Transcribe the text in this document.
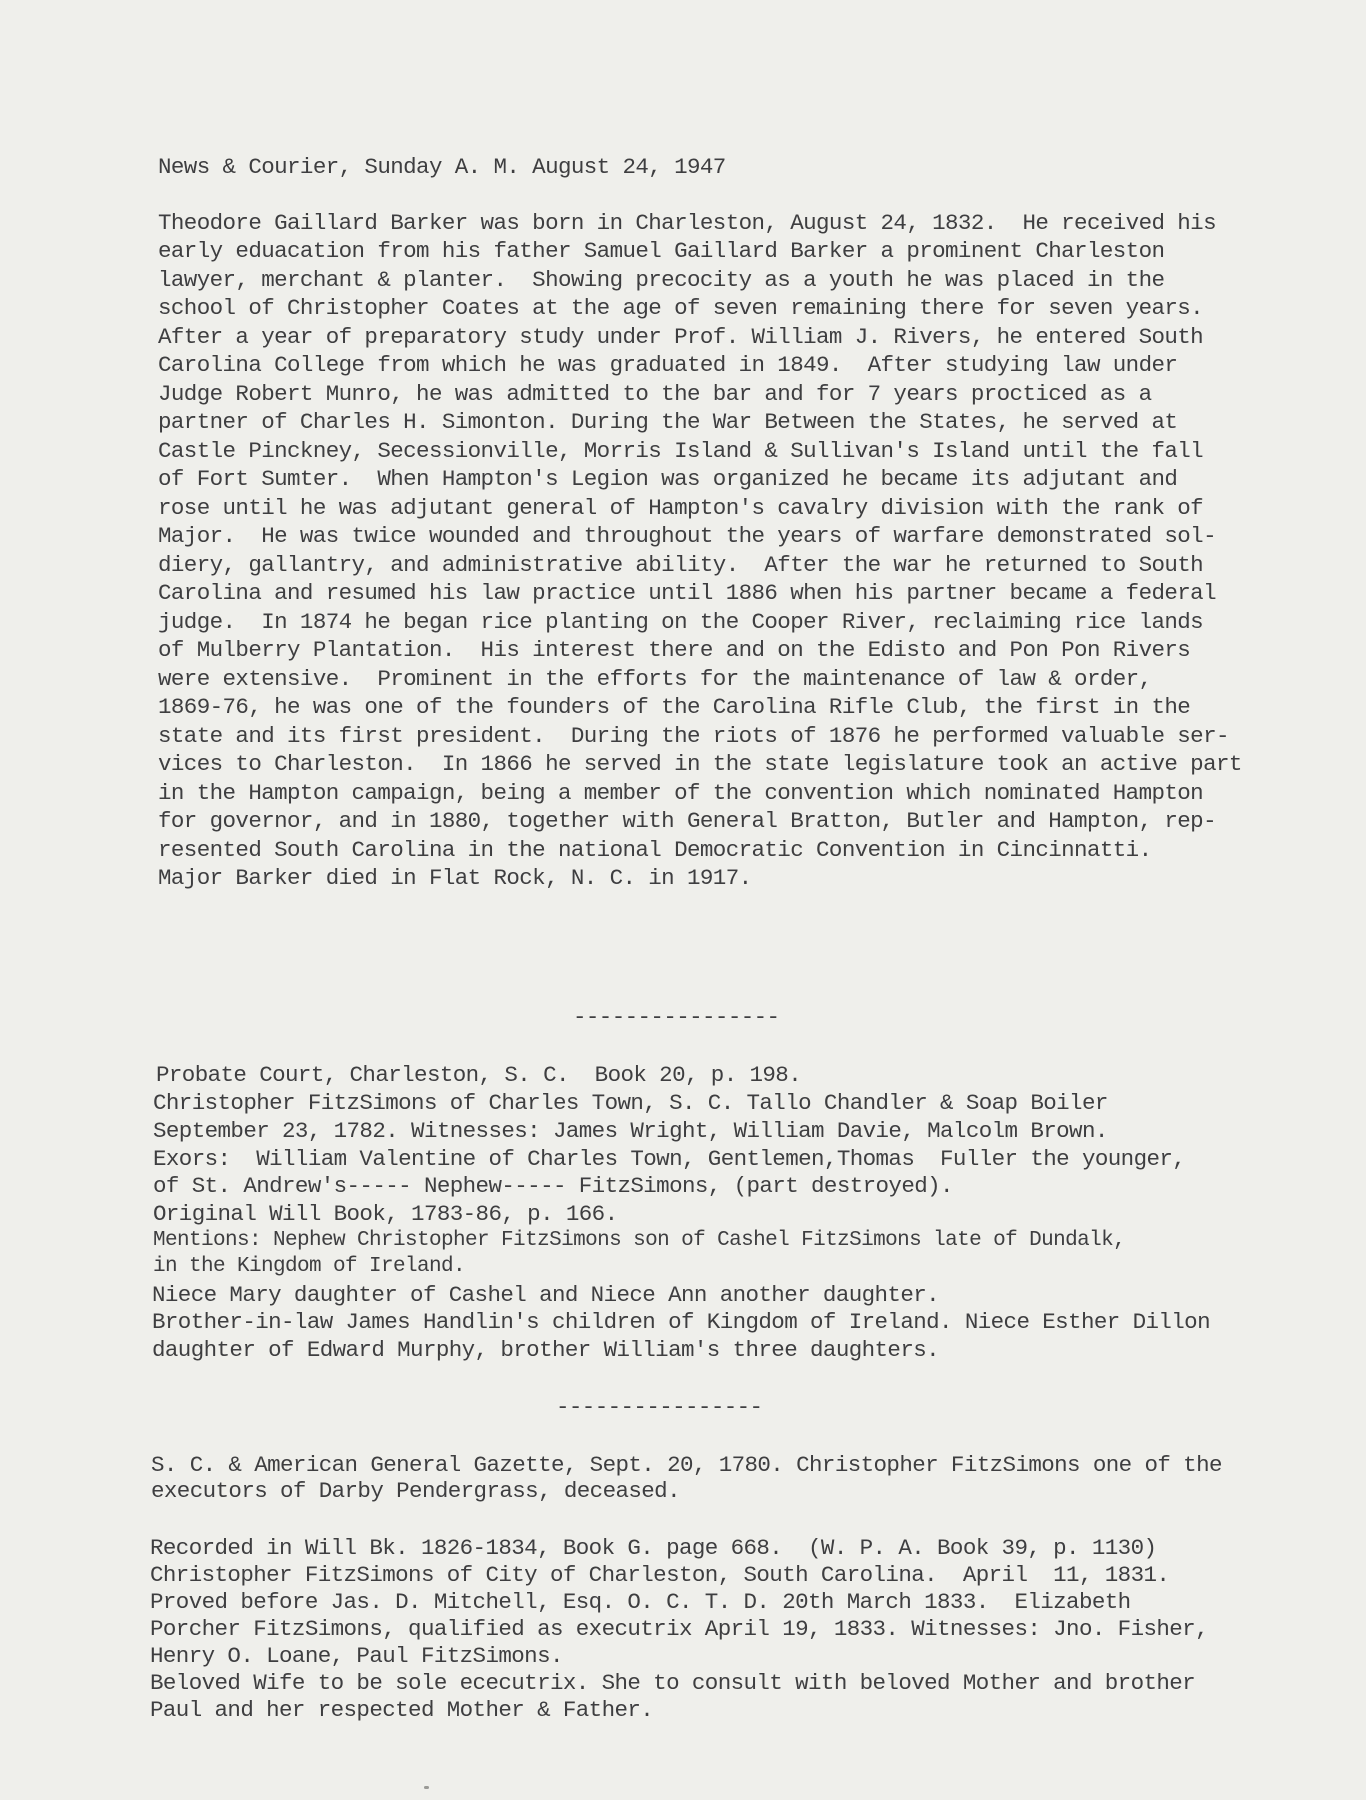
News & Courier, Sunday A. M. August 24, 1947
Theodore Gaillard Barker was born in Charleston, August 24, 1832.  He received his
early eduacation from his father Samuel Gaillard Barker a prominent Charleston
lawyer, merchant & planter.  Showing precocity as a youth he was placed in the
school of Christopher Coates at the age of seven remaining there for seven years.
After a year of preparatory study under Prof. William J. Rivers, he entered South
Carolina College from which he was graduated in 1849.  After studying law under
Judge Robert Munro, he was admitted to the bar and for 7 years procticed as a
partner of Charles H. Simonton. During the War Between the States, he served at
Castle Pinckney, Secessionville, Morris Island & Sullivan's Island until the fall
of Fort Sumter.  When Hampton's Legion was organized he became its adjutant and
rose until he was adjutant general of Hampton's cavalry division with the rank of
Major.  He was twice wounded and throughout the years of warfare demonstrated sol-
diery, gallantry, and administrative ability.  After the war he returned to South
Carolina and resumed his law practice until 1886 when his partner became a federal
judge.  In 1874 he began rice planting on the Cooper River, reclaiming rice lands
of Mulberry Plantation.  His interest there and on the Edisto and Pon Pon Rivers
were extensive.  Prominent in the efforts for the maintenance of law & order,
1869-76, he was one of the founders of the Carolina Rifle Club, the first in the
state and its first president.  During the riots of 1876 he performed valuable ser-
vices to Charleston.  In 1866 he served in the state legislature took an active part
in the Hampton campaign, being a member of the convention which nominated Hampton
for governor, and in 1880, together with General Bratton, Butler and Hampton, rep-
resented South Carolina in the national Democratic Convention in Cincinnatti.
Major Barker died in Flat Rock, N. C. in 1917.
----------------
Probate Court, Charleston, S. C.  Book 20, p. 198.
Christopher FitzSimons of Charles Town, S. C. Tallo Chandler & Soap Boiler
September 23, 1782. Witnesses: James Wright, William Davie, Malcolm Brown.
Exors:  William Valentine of Charles Town, Gentlemen,Thomas  Fuller the younger,
of St. Andrew's----- Nephew----- FitzSimons, (part destroyed).
Original Will Book, 1783-86, p. 166.
Mentions: Nephew Christopher FitzSimons son of Cashel FitzSimons late of Dundalk,
in the Kingdom of Ireland.
Niece Mary daughter of Cashel and Niece Ann another daughter.
Brother-in-law James Handlin's children of Kingdom of Ireland. Niece Esther Dillon
daughter of Edward Murphy, brother William's three daughters.
----------------
S. C. & American General Gazette, Sept. 20, 1780. Christopher FitzSimons one of the
executors of Darby Pendergrass, deceased.
Recorded in Will Bk. 1826-1834, Book G. page 668.  (W. P. A. Book 39, p. 1130)
Christopher FitzSimons of City of Charleston, South Carolina.  April  11, 1831.
Proved before Jas. D. Mitchell, Esq. O. C. T. D. 20th March 1833.  Elizabeth
Porcher FitzSimons, qualified as executrix April 19, 1833. Witnesses: Jno. Fisher,
Henry O. Loane, Paul FitzSimons.
Beloved Wife to be sole ececutrix. She to consult with beloved Mother and brother
Paul and her respected Mother & Father.
